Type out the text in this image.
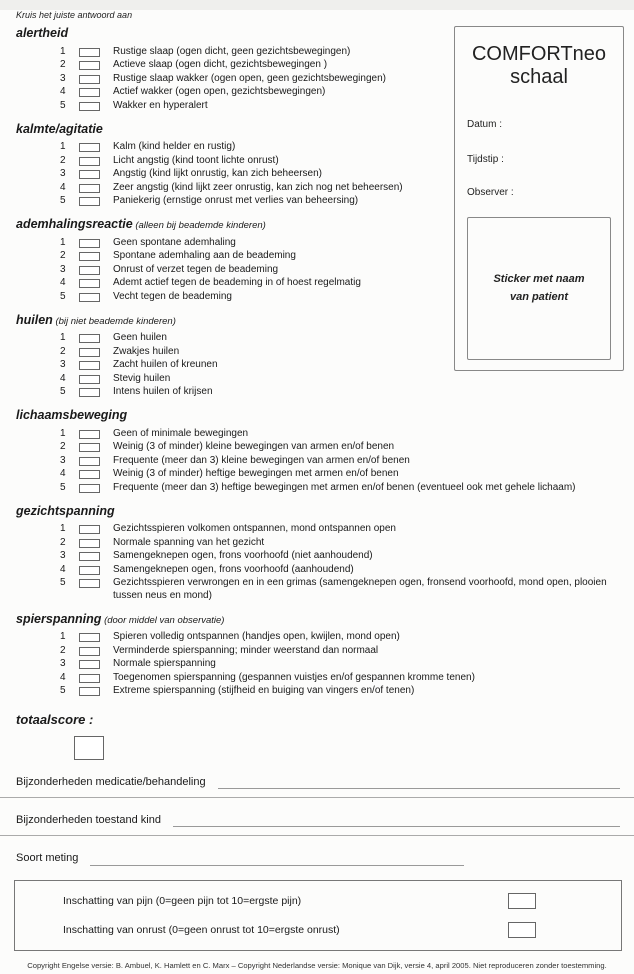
Kruis het juiste antwoord aan
COMFORTneo
schaal
Datum :
Tijdstip :
Observer :
Sticker met naam
van patient
alertheid
1	Rustige slaap (ogen dicht, geen gezichtsbewegingen)
2	Actieve slaap (ogen dicht, gezichtsbewegingen )
3	Rustige slaap wakker (ogen open, geen gezichtsbewegingen)
4	Actief wakker (ogen open, gezichtsbewegingen)
5	Wakker en hyperalert
kalmte/agitatie
1	Kalm (kind helder en rustig)
2	Licht angstig (kind toont lichte onrust)
3	Angstig (kind lijkt onrustig, kan zich beheersen)
4	Zeer angstig (kind lijkt zeer onrustig, kan zich nog net beheersen)
5	Paniekerig (ernstige onrust met verlies van beheersing)
ademhalingsreactie (alleen bij beademde kinderen)
1	Geen spontane ademhaling
2	Spontane ademhaling aan de beademing
3	Onrust of verzet tegen de beademing
4	Ademt actief tegen de beademing in of hoest regelmatig
5	Vecht tegen de beademing
huilen (bij niet beademde kinderen)
1	Geen huilen
2	Zwakjes huilen
3	Zacht huilen of kreunen
4	Stevig huilen
5	Intens huilen of krijsen
lichaamsbeweging
1	Geen of minimale bewegingen
2	Weinig (3 of minder) kleine bewegingen van armen en/of benen
3	Frequente (meer dan 3) kleine bewegingen van armen en/of benen
4	Weinig (3 of minder) heftige bewegingen met armen en/of benen
5	Frequente (meer dan 3) heftige bewegingen met armen en/of benen (eventueel ook met gehele lichaam)
gezichtspanning
1	Gezichtsspieren volkomen ontspannen, mond ontspannen open
2	Normale spanning van het gezicht
3	Samengeknepen ogen, frons voorhoofd (niet aanhoudend)
4	Samengeknepen ogen, frons voorhoofd (aanhoudend)
5	Gezichtsspieren verwrongen en in een grimas (samengeknepen ogen, fronsend voorhoofd, mond open, plooien tussen neus en mond)
spierspanning (door middel van observatie)
1	Spieren volledig ontspannen (handjes open, kwijlen, mond open)
2	Verminderde spierspanning; minder weerstand dan normaal
3	Normale spierspanning
4	Toegenomen spierspanning (gespannen vuistjes en/of gespannen kromme tenen)
5	Extreme spierspanning (stijfheid en buiging van vingers en/of tenen)
totaalscore :
Bijzonderheden medicatie/behandeling
Bijzonderheden toestand kind
Soort meting
Inschatting van pijn (0=geen pijn tot 10=ergste pijn)
Inschatting van onrust (0=geen onrust tot 10=ergste onrust)
Copyright Engelse versie: B. Ambuel, K. Hamlett en C. Marx – Copyright Nederlandse versie: Monique van Dijk, versie 4, april 2005. Niet reproduceren zonder toestemming.
